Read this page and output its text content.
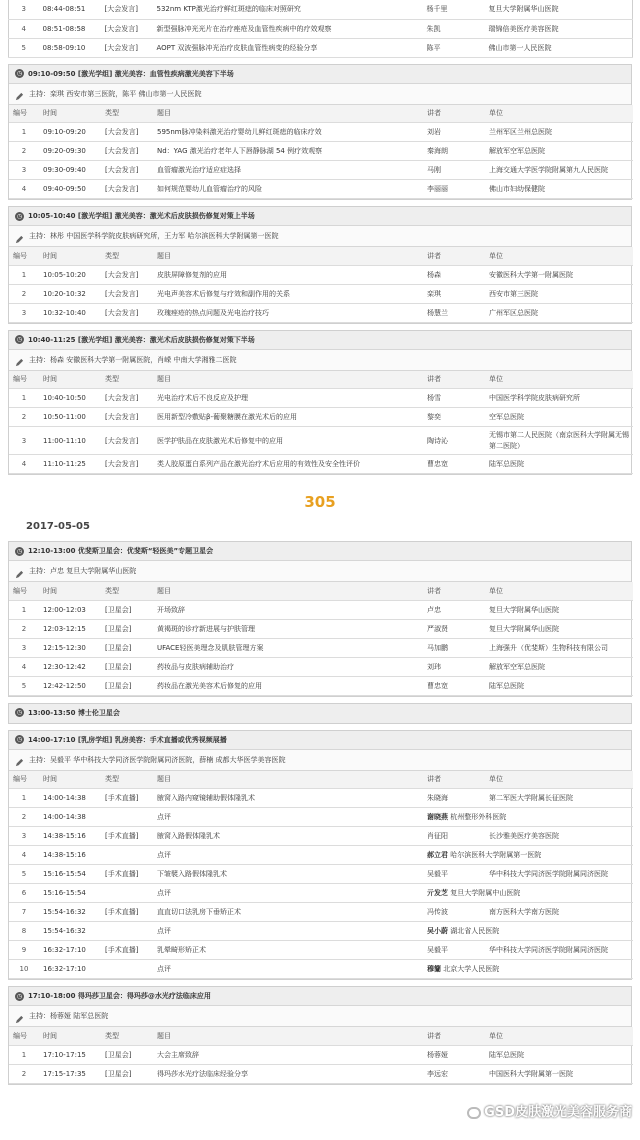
3	08:44-08:51	[大会发言]	532nm KTP激光治疗鲜红斑痣的临床对照研究	杨千里	复旦大学附属华山医院
4	08:51-08:58	[大会发言]	新型强脉冲光光片在治疗痤疮及血管性疾病中的疗效观察	朱凯	瑞锦倍美医疗美容医院
5	08:58-09:10	[大会发言]	AOPT 双波强脉冲光治疗皮肤血管性病变的经验分享	陈平	佛山市第一人民医院
◷ 09:10-09:50 [激光学组] 激光美容：血管性疾病激光美容下半场
主持：栾琪 西安市第三医院，陈平 佛山市第一人民医院
编号	时间	类型	题目	讲者	单位
1	09:10-09:20	[大会发言]	595nm脉冲染料激光治疗婴幼儿鲜红斑痣的临床疗效	刘岩	兰州军区兰州总医院
2	09:20-09:30	[大会发言]	Nd：YAG 激光治疗老年人下唇静脉湖 54 例疗效观察	秦海朗	解放军空军总医院
3	09:30-09:40	[大会发言]	血管瘤激光治疗适应症选择	马刚	上海交通大学医学院附属第九人民医院
4	09:40-09:50	[大会发言]	如何规范婴幼儿血管瘤治疗的风险	李丽丽	佛山市妇幼保健院
◷ 10:05-10:40 [激光学组] 激光美容：激光术后皮肤损伤修复对策上半场
主持：林彤 中国医学科学院皮肤病研究所，王力军 哈尔滨医科大学附属第一医院
编号	时间	类型	题目	讲者	单位
1	10:05-10:20	[大会发言]	皮肤屏障修复剂的应用	杨森	安徽医科大学第一附属医院
2	10:20-10:32	[大会发言]	光电声美容术后修复与疗效和副作用的关系	栾琪	西安市第三医院
3	10:32-10:40	[大会发言]	玫瑰痤疮的热点问题及光电治疗技巧	杨慧兰	广州军区总医院
◷ 10:40-11:25 [激光学组] 激光美容：激光术后皮肤损伤修复对策下半场
主持：杨森 安徽医科大学第一附属医院，肖嵘 中南大学湘雅二医院
编号	时间	类型	题目	讲者	单位
1	10:40-10:50	[大会发言]	光电治疗术后不良反应及护理	杨雪	中国医学科学院皮肤病研究所
2	10:50-11:00	[大会发言]	医用新型冷敷贴β-葡聚糖膜在激光术后的应用	黎奕	空军总医院
3	11:00-11:10	[大会发言]	医学护肤品在皮肤激光术后修复中的应用	陶诗沁	无锡市第二人民医院（南京医科大学附属无锡第二医院）
4	11:10-11:25	[大会发言]	类人胶原蛋白系列产品在激光治疗术后应用的有效性及安全性评价	曹忠宽	陆军总医院
305
2017-05-05
◷ 12:10-13:00 优斐斯卫星会：优斐斯“轻医美”专题卫星会
主持：卢忠 复旦大学附属华山医院
编号	时间	类型	题目	讲者	单位
1	12:00-12:03	[卫星会]	开场致辞	卢忠	复旦大学附属华山医院
2	12:03-12:15	[卫星会]	黄褐斑的诊疗新进展与护肤管理	严淑贤	复旦大学附属华山医院
3	12:15-12:30	[卫星会]	UFACE轻医美理念及肌肤管理方案	马加鹏	上海强升（优斐斯）生物科技有限公司
4	12:30-12:42	[卫星会]	药妆品与皮肤病辅助治疗	刘玮	解放军空军总医院
5	12:42-12:50	[卫星会]	药妆品在激光美容术后修复的应用	曹忠宽	陆军总医院
◷ 13:00-13:50 博士伦卫星会
◷ 14:00-17:10 [乳房学组] 乳房美容：手术直播或优秀视频展播
主持：吴毅平 华中科技大学同济医学院附属同济医院，薛楠 成都大华医学美容医院
编号	时间	类型	题目	讲者	单位
1	14:00-14:38	[手术直播]	腋窝入路内窥镜辅助假体隆乳术	朱晓海	第二军医大学附属长征医院
2	14:00-14:38		点评	谢晓燕 杭州整形外科医院	
3	14:38-15:16	[手术直播]	腋窝入路假体隆乳术	肖征阳	长沙雅美医疗美容医院
4	14:38-15:16		点评	郝立君 哈尔滨医科大学附属第一医院	
5	15:16-15:54	[手术直播]	下皱襞入路假体隆乳术	吴毅平	华中科技大学同济医学院附属同济医院
6	15:16-15:54		点评	亓发芝 复旦大学附属中山医院	
7	15:54-16:32	[手术直播]	直直切口法乳房下垂矫正术	冯传波	南方医科大学南方医院
8	15:54-16:32		点评	吴小蔚 湖北省人民医院	
9	16:32-17:10	[手术直播]	乳晕畸形矫正术	吴毅平	华中科技大学同济医学院附属同济医院
10	16:32-17:10		点评	穆籣 北京大学人民医院	
◷ 17:10-18:00 得玛莎卫星会：得玛莎@水光疗法临床应用
主持：杨蓉娅 陆军总医院
编号	时间	类型	题目	讲者	单位
1	17:10-17:15	[卫星会]	大会主席致辞	杨蓉娅	陆军总医院
2	17:15-17:35	[卫星会]	得玛莎水光疗法临床经验分享	李远宏	中国医科大学附属第一医院
GSD皮肤激光美容服务商
